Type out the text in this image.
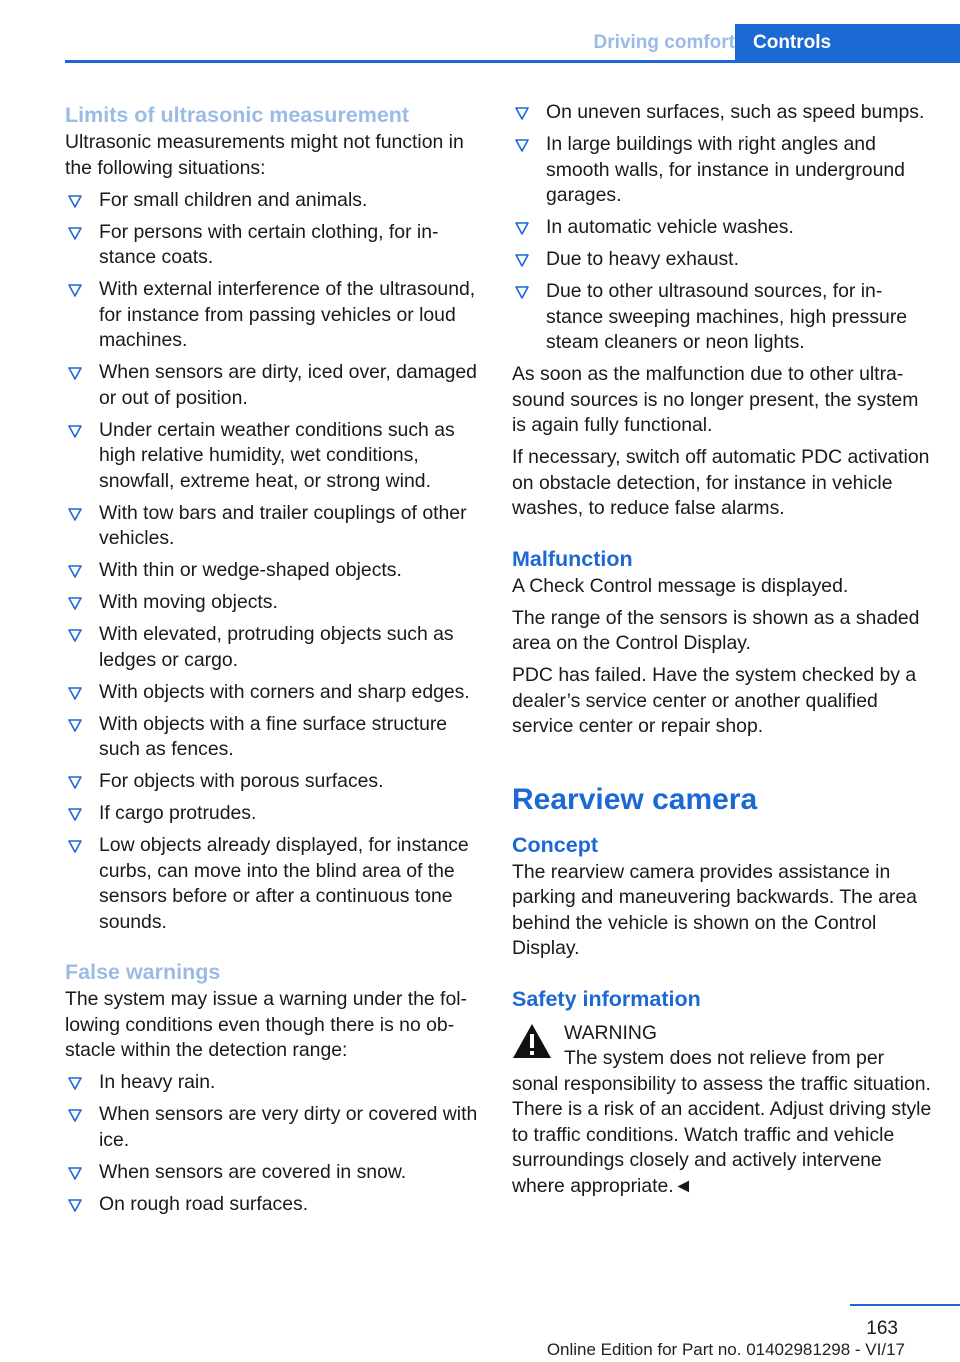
Driving comfort Controls
Limits of ultrasonic measurement

Ultrasonic measurements might not function in the following situations:

For small children and animals.
For persons with certain clothing, for instance coats.
With external interference of the ultrasound, for instance from passing vehicles or loud machines.
When sensors are dirty, iced over, damaged or out of position.
Under certain weather conditions such as high relative humidity, wet conditions, snowfall, extreme heat, or strong wind.
With tow bars and trailer couplings of other vehicles.
With thin or wedge-shaped objects.
With moving objects.
With elevated, protruding objects such as ledges or cargo.
With objects with corners and sharp edges.
With objects with a fine surface structure such as fences.
For objects with porous surfaces.
If cargo protrudes.
Low objects already displayed, for instance curbs, can move into the blind area of the sensors before or after a continuous tone sounds.
False warnings

The system may issue a warning under the following conditions even though there is no obstacle within the detection range:

In heavy rain.
When sensors are very dirty or covered with ice.
When sensors are covered in snow.
On rough road surfaces.
On uneven surfaces, such as speed bumps.
In large buildings with right angles and smooth walls, for instance in underground garages.
In automatic vehicle washes.
Due to heavy exhaust.
Due to other ultrasound sources, for instance sweeping machines, high pressure steam cleaners or neon lights.

As soon as the malfunction due to other ultrasound sources is no longer present, the system is again fully functional.

If necessary, switch off automatic PDC activation on obstacle detection, for instance in vehicle washes, to reduce false alarms.

Malfunction

A Check Control message is displayed.

The range of the sensors is shown as a shaded area on the Control Display.

PDC has failed. Have the system checked by a dealer’s service center or another qualified service center or repair shop.

Rearview camera
Concept

The rearview camera provides assistance in parking and maneuvering backwards. The area behind the vehicle is shown on the Control Display.

Safety information

WARNING

The system does not relieve from per

sonal responsibility to assess the traffic situation. There is a risk of an accident. Adjust driving style to traffic conditions. Watch traffic and vehicle surroundings closely and actively intervene where appropriate.◄

163
Online Edition for Part no. 01402981298 - VI/17
